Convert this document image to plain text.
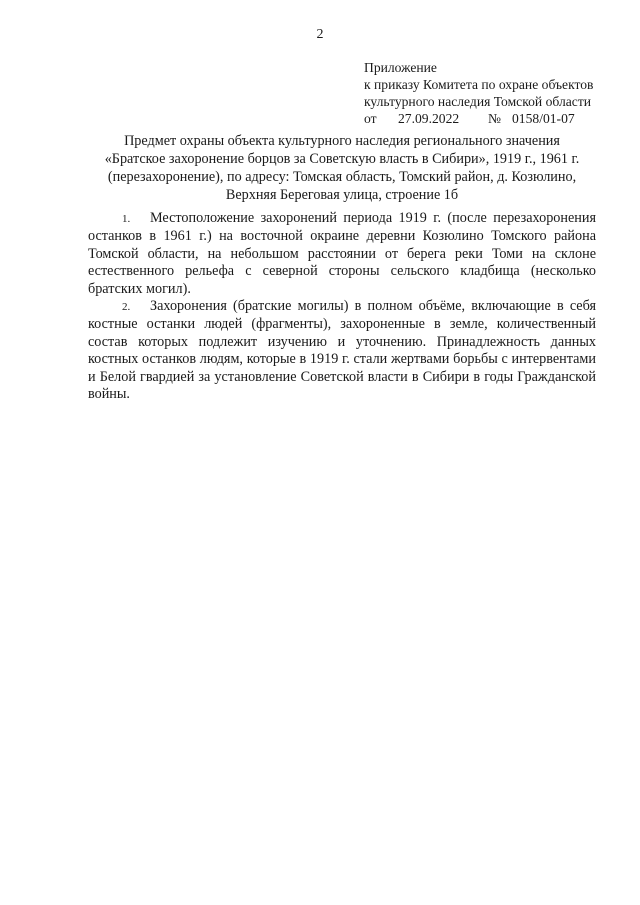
2
Приложение
к приказу Комитета по охране объектов
культурного наследия Томской области
от	27.09.2022	№ 0158/01-07
Предмет охраны объекта культурного наследия регионального значения
«Братское захоронение борцов за Советскую власть в Сибири», 1919 г., 1961 г.
(перезахоронение), по адресу: Томская область, Томский район, д. Козюлино,
Верхняя Береговая улица, строение 1б

1. Местоположение захоронений периода 1919 г. (после перезахоронения останков в 1961 г.) на восточной окраине деревни Козюлино Томского района Томской области, на небольшом расстоянии от берега реки Томи на склоне естественного рельефа с северной стороны сельского кладбища (несколько братских могил).

2. Захоронения (братские могилы) в полном объёме, включающие в себя костные останки людей (фрагменты), захороненные в земле, количественный состав которых подлежит изучению и уточнению. Принадлежность данных костных останков людям, которые в 1919 г. стали жертвами борьбы с интервентами и Белой гвардией за установление Советской власти в Сибири в годы Гражданской войны.
